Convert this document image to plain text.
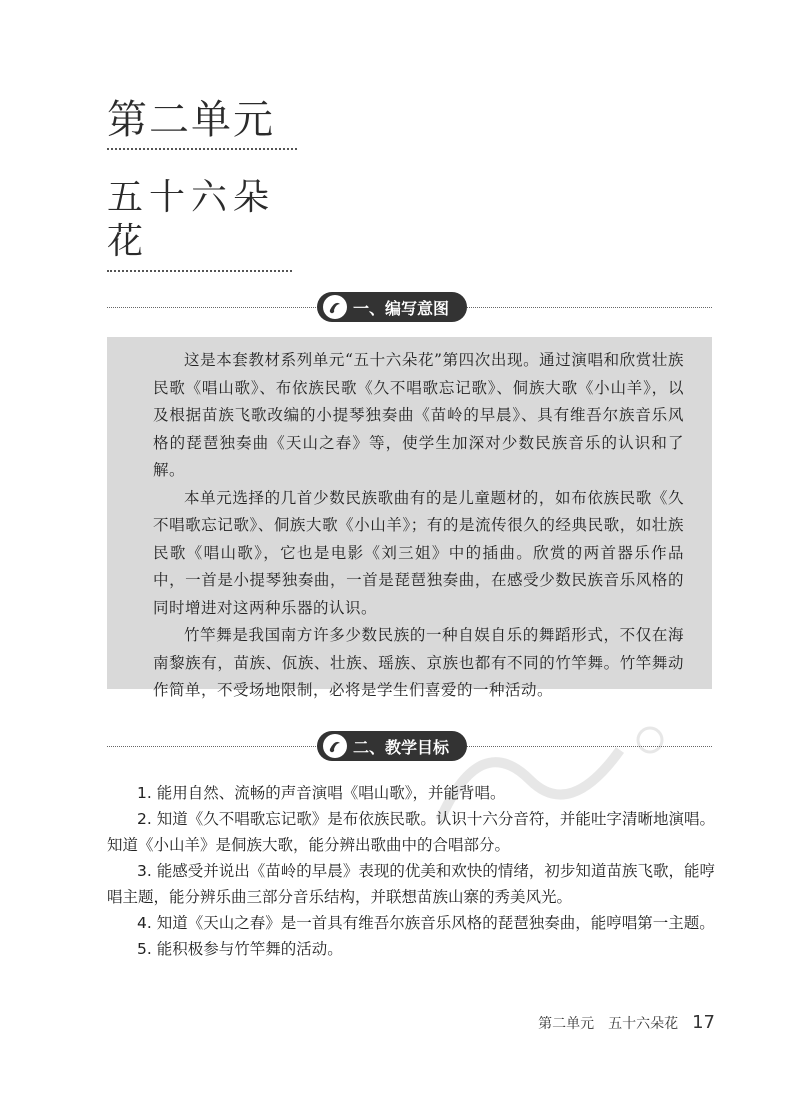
第二单元
五十六朵花
一、编写意图

这是本套教材系列单元“五十六朵花”第四次出现。通过演唱和欣赏壮族民歌《唱山歌》、布依族民歌《久不唱歌忘记歌》、侗族大歌《小山羊》，以及根据苗族飞歌改编的小提琴独奏曲《苗岭的早晨》、具有维吾尔族音乐风格的琵琶独奏曲《天山之春》等，使学生加深对少数民族音乐的认识和了解。

本单元选择的几首少数民族歌曲有的是儿童题材的，如布依族民歌《久不唱歌忘记歌》、侗族大歌《小山羊》；有的是流传很久的经典民歌，如壮族民歌《唱山歌》，它也是电影《刘三姐》中的插曲。欣赏的两首器乐作品中，一首是小提琴独奏曲，一首是琵琶独奏曲，在感受少数民族音乐风格的同时增进对这两种乐器的认识。

竹竿舞是我国南方许多少数民族的一种自娱自乐的舞蹈形式，不仅在海南黎族有，苗族、佤族、壮族、瑶族、京族也都有不同的竹竿舞。竹竿舞动作简单，不受场地限制，必将是学生们喜爱的一种活动。

二、教学目标

1. 能用自然、流畅的声音演唱《唱山歌》，并能背唱。

2. 知道《久不唱歌忘记歌》是布依族民歌。认识十六分音符，并能吐字清晰地演唱。知道《小山羊》是侗族大歌，能分辨出歌曲中的合唱部分。

3. 能感受并说出《苗岭的早晨》表现的优美和欢快的情绪，初步知道苗族飞歌，能哼唱主题，能分辨乐曲三部分音乐结构，并联想苗族山寨的秀美风光。

4. 知道《天山之春》是一首具有维吾尔族音乐风格的琵琶独奏曲，能哼唱第一主题。

5. 能积极参与竹竿舞的活动。

第二单元　五十六朵花 17
